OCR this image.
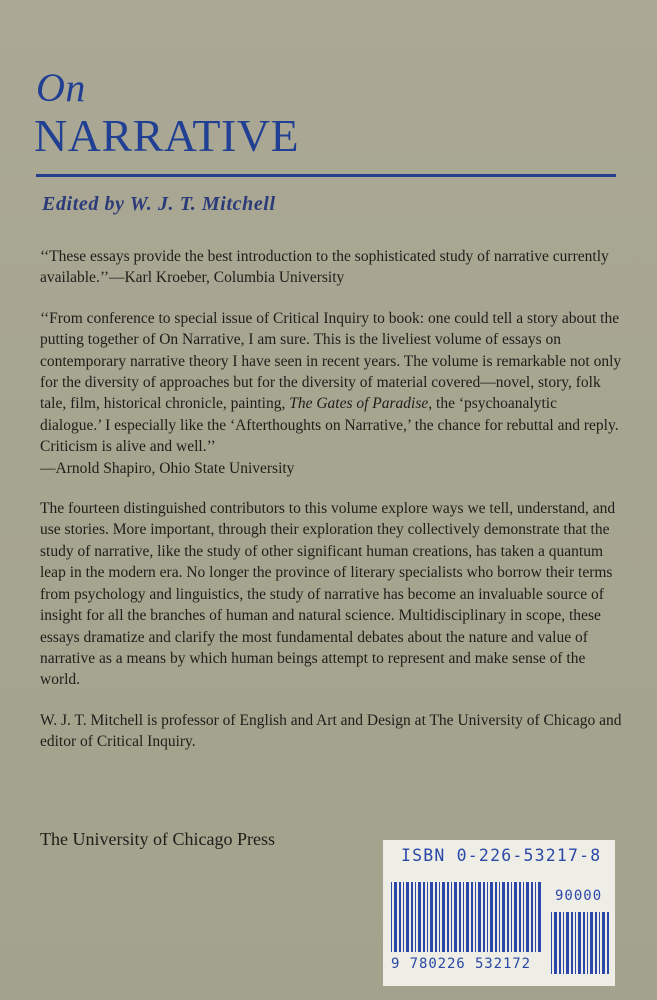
On
NARRATIVE
Edited by W. J. T. Mitchell

‘‘These essays provide the best introduction to the sophisticated study of narrative currently available.’’—Karl Kroeber, Columbia University

‘‘From conference to special issue of Critical Inquiry to book: one could tell a story about the putting together of On Narrative, I am sure. This is the liveliest volume of essays on contemporary narrative theory I have seen in recent years. The volume is remarkable not only for the diversity of approaches but for the diversity of material covered—novel, story, folk tale, film, historical chronicle, painting, The Gates of Paradise, the ‘psychoanalytic dialogue.’ I especially like the ‘Afterthoughts on Narrative,’ the chance for rebuttal and reply. Criticism is alive and well.’’
—Arnold Shapiro, Ohio State University

The fourteen distinguished contributors to this volume explore ways we tell, understand, and use stories. More important, through their exploration they collectively demonstrate that the study of narrative, like the study of other significant human creations, has taken a quantum leap in the modern era. No longer the province of literary specialists who borrow their terms from psychology and linguistics, the study of narrative has become an invaluable source of insight for all the branches of human and natural science. Multidisciplinary in scope, these essays dramatize and clarify the most fundamental debates about the nature and value of narrative as a means by which human beings attempt to represent and make sense of the world.

W. J. T. Mitchell is professor of English and Art and Design at The University of Chicago and editor of Critical Inquiry.

The University of Chicago Press
ISBN 0-226-53217-8
90000
9 780226 532172
